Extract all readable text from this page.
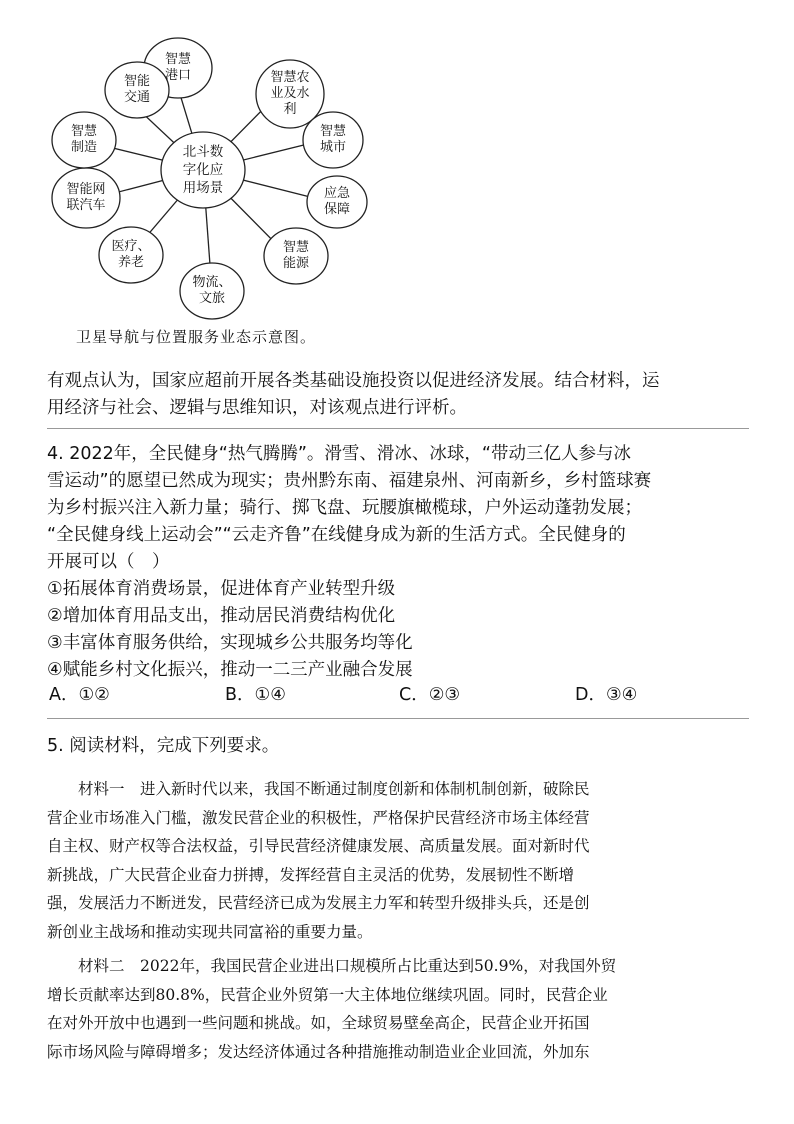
北斗数
字化应
用场景
智慧
港口	智慧农
业及水
利
智慧
城市
应急
保障
智慧
能源
物流、
文旅
医疗、
养老
智能网
联汽车
智慧
制造
智能
交通
卫星导航与位置服务业态示意图。
有观点认为，国家应超前开展各类基础设施投资以促进经济发展。结合材料，运
用经济与社会、逻辑与思维知识，对该观点进行评析。
4. 2022年，全民健身“热气腾腾”。滑雪、滑冰、冰球，“带动三亿人参与冰
雪运动”的愿望已然成为现实；贵州黔东南、福建泉州、河南新乡，乡村篮球赛
为乡村振兴注入新力量；骑行、掷飞盘、玩腰旗橄榄球，户外运动蓬勃发展；
“全民健身线上运动会”“云走齐鲁”在线健身成为新的生活方式。全民健身的
开展可以（　）
①拓展体育消费场景，促进体育产业转型升级
②增加体育用品支出，推动居民消费结构优化
③丰富体育服务供给，实现城乡公共服务均等化
④赋能乡村文化振兴，推动一二三产业融合发展
A．①②	B．①④	C．②③	D．③④
5. 阅读材料，完成下列要求。
　　材料一　进入新时代以来，我国不断通过制度创新和体制机制创新，破除民
营企业市场准入门槛，激发民营企业的积极性，严格保护民营经济市场主体经营
自主权、财产权等合法权益，引导民营经济健康发展、高质量发展。面对新时代
新挑战，广大民营企业奋力拼搏，发挥经营自主灵活的优势，发展韧性不断增
强，发展活力不断迸发，民营经济已成为发展主力军和转型升级排头兵，还是创
新创业主战场和推动实现共同富裕的重要力量。
　　材料二　2022年，我国民营企业进出口规模所占比重达到50.9%，对我国外贸
增长贡献率达到80.8%，民营企业外贸第一大主体地位继续巩固。同时，民营企业
在对外开放中也遇到一些问题和挑战。如，全球贸易壁垒高企，民营企业开拓国
际市场风险与障碍增多；发达经济体通过各种措施推动制造业企业回流，外加东
